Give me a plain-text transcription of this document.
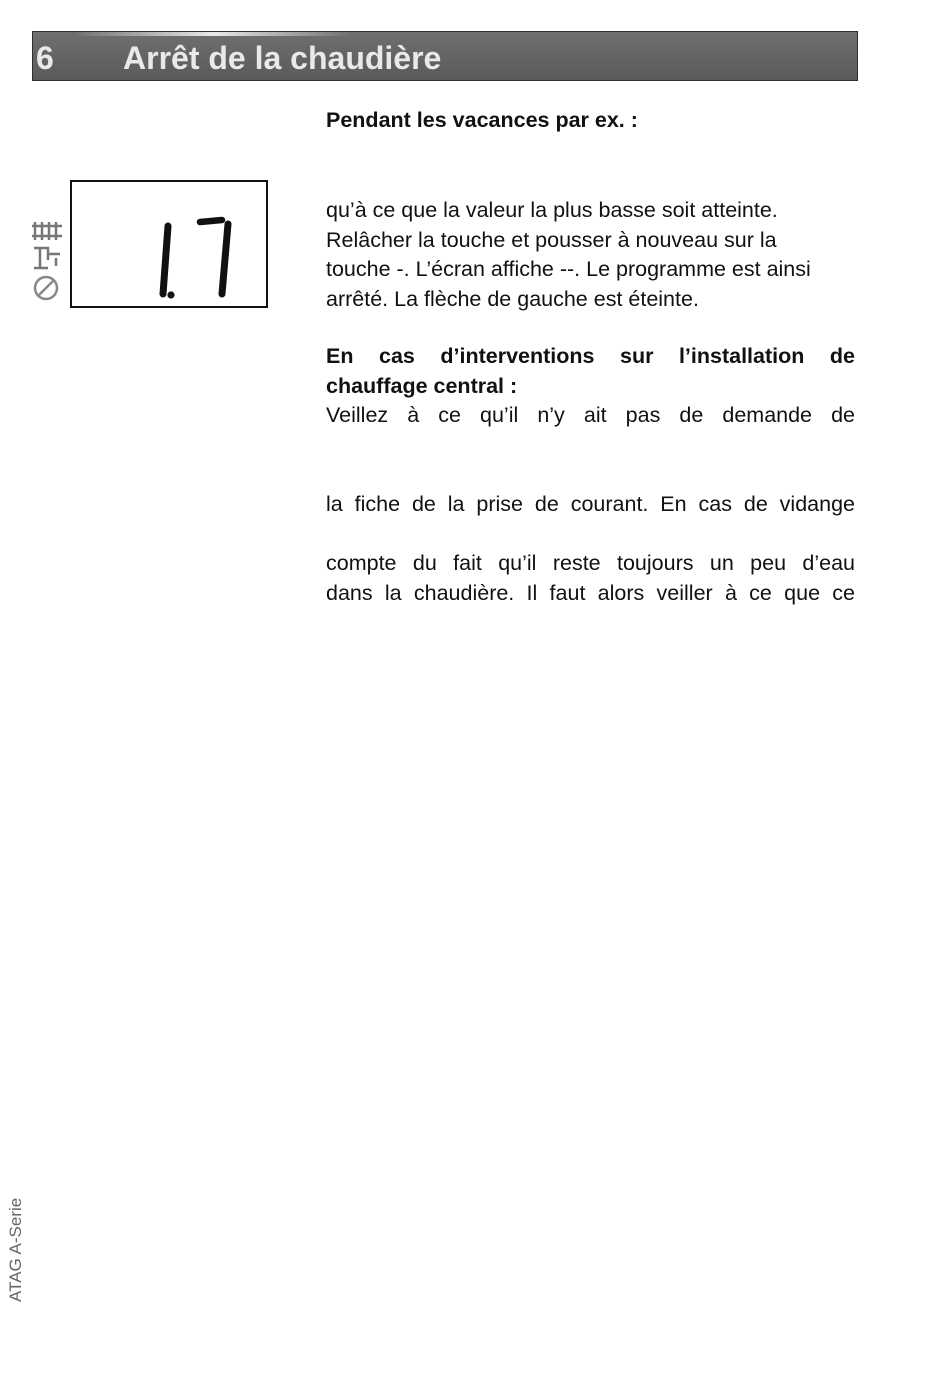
6 Arrêt de la chaudière
Pendant les vacances par ex. :
qu’à ce que la valeur la plus basse soit atteinte.
Relâcher la touche et pousser à nouveau sur la
touche -. L’écran affiche --. Le programme est ainsi
arrêté. La flèche de gauche est éteinte.
En cas d’interventions sur l’installation de
chauffage central :
Veillez à ce qu’il n’y ait pas de demande de
la fiche de la prise de courant. En cas de vidange
compte du fait qu’il reste toujours un peu d’eau
dans la chaudière. Il faut alors veiller à ce que ce
ATAG A-Serie
